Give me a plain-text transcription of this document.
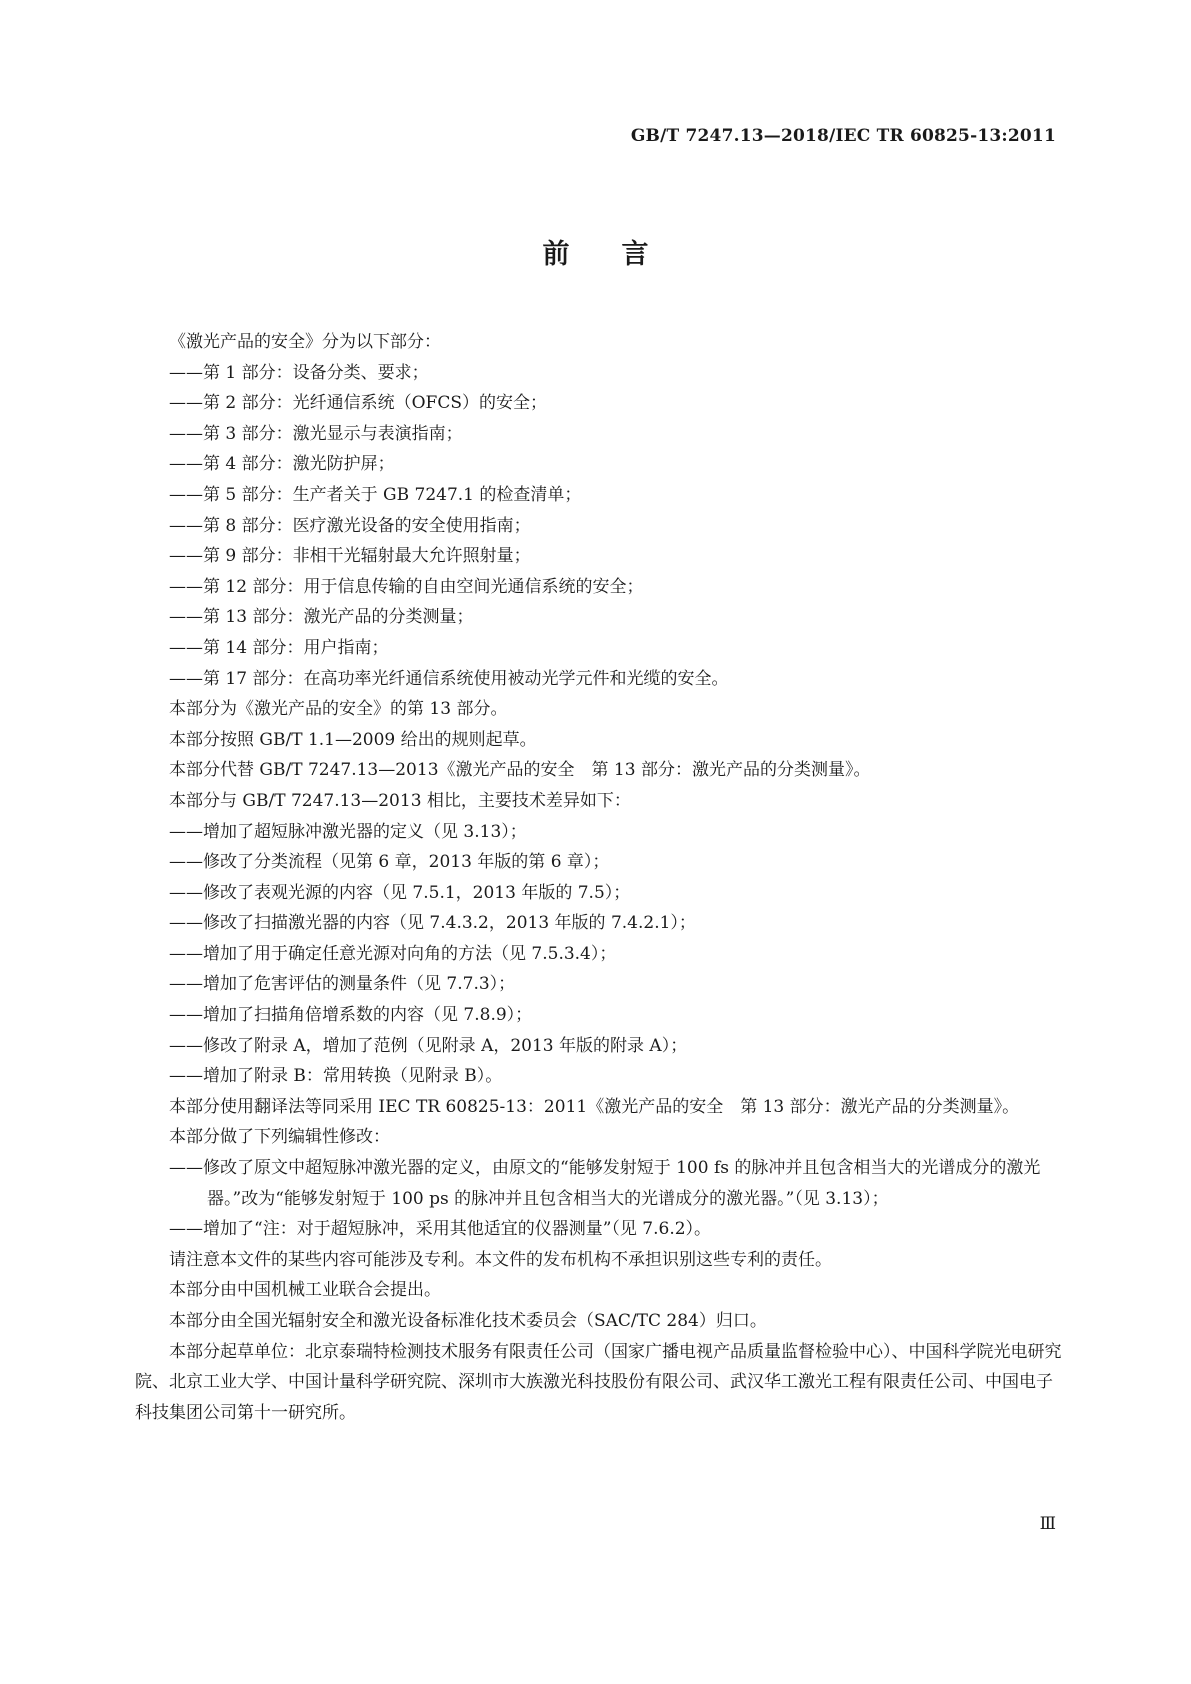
GB/T 7247.13—2018/IEC TR 60825-13:2011
前言

《激光产品的安全》分为以下部分：

——第 1 部分：设备分类、要求；

——第 2 部分：光纤通信系统（OFCS）的安全；

——第 3 部分：激光显示与表演指南；

——第 4 部分：激光防护屏；

——第 5 部分：生产者关于 GB 7247.1 的检查清单；

——第 8 部分：医疗激光设备的安全使用指南；

——第 9 部分：非相干光辐射最大允许照射量；

——第 12 部分：用于信息传输的自由空间光通信系统的安全；

——第 13 部分：激光产品的分类测量；

——第 14 部分：用户指南；

——第 17 部分：在高功率光纤通信系统使用被动光学元件和光缆的安全。

本部分为《激光产品的安全》的第 13 部分。

本部分按照 GB/T 1.1—2009 给出的规则起草。

本部分代替 GB/T 7247.13—2013《激光产品的安全　第 13 部分：激光产品的分类测量》。

本部分与 GB/T 7247.13—2013 相比，主要技术差异如下：

——增加了超短脉冲激光器的定义（见 3.13）；

——修改了分类流程（见第 6 章，2013 年版的第 6 章）；

——修改了表观光源的内容（见 7.5.1，2013 年版的 7.5）；

——修改了扫描激光器的内容（见 7.4.3.2，2013 年版的 7.4.2.1）；

——增加了用于确定任意光源对向角的方法（见 7.5.3.4）；

——增加了危害评估的测量条件（见 7.7.3）；

——增加了扫描角倍增系数的内容（见 7.8.9）；

——修改了附录 A，增加了范例（见附录 A，2013 年版的附录 A）；

——增加了附录 B：常用转换（见附录 B）。

本部分使用翻译法等同采用 IEC TR 60825-13：2011《激光产品的安全　第 13 部分：激光产品的分类测量》。

本部分做了下列编辑性修改：

——修改了原文中超短脉冲激光器的定义，由原文的“能够发射短于 100 fs 的脉冲并且包含相当大的光谱成分的激光器。”改为“能够发射短于 100 ps 的脉冲并且包含相当大的光谱成分的激光器。”（见 3.13）；

——增加了“注：对于超短脉冲，采用其他适宜的仪器测量”（见 7.6.2）。

请注意本文件的某些内容可能涉及专利。本文件的发布机构不承担识别这些专利的责任。

本部分由中国机械工业联合会提出。

本部分由全国光辐射安全和激光设备标准化技术委员会（SAC/TC 284）归口。

本部分起草单位：北京泰瑞特检测技术服务有限责任公司（国家广播电视产品质量监督检验中心）、中国科学院光电研究院、北京工业大学、中国计量科学研究院、深圳市大族激光科技股份有限公司、武汉华工激光工程有限责任公司、中国电子科技集团公司第十一研究所。

Ⅲ
